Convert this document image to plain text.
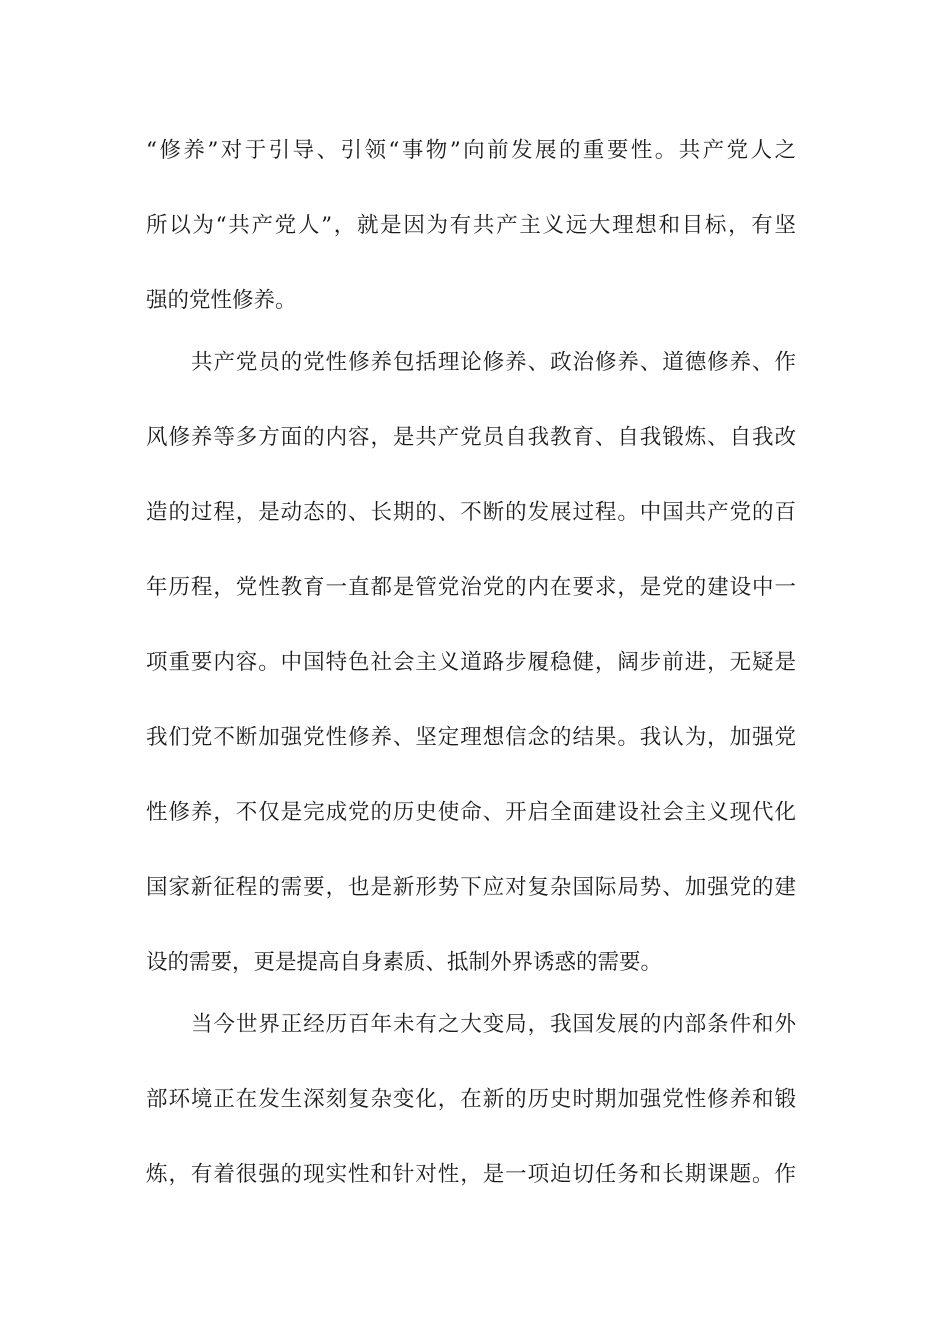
“修养”对于引导、引领“事物”向前发展的重要性。共产党人之
所以为“共产党人”，就是因为有共产主义远大理想和目标，有坚
强的党性修养。
共产党员的党性修养包括理论修养、政治修养、道德修养、作
风修养等多方面的内容，是共产党员自我教育、自我锻炼、自我改
造的过程，是动态的、长期的、不断的发展过程。中国共产党的百
年历程，党性教育一直都是管党治党的内在要求，是党的建设中一
项重要内容。中国特色社会主义道路步履稳健，阔步前进，无疑是
我们党不断加强党性修养、坚定理想信念的结果。我认为，加强党
性修养，不仅是完成党的历史使命、开启全面建设社会主义现代化
国家新征程的需要，也是新形势下应对复杂国际局势、加强党的建
设的需要，更是提高自身素质、抵制外界诱惑的需要。
当今世界正经历百年未有之大变局，我国发展的内部条件和外
部环境正在发生深刻复杂变化，在新的历史时期加强党性修养和锻
炼，有着很强的现实性和针对性，是一项迫切任务和长期课题。作
